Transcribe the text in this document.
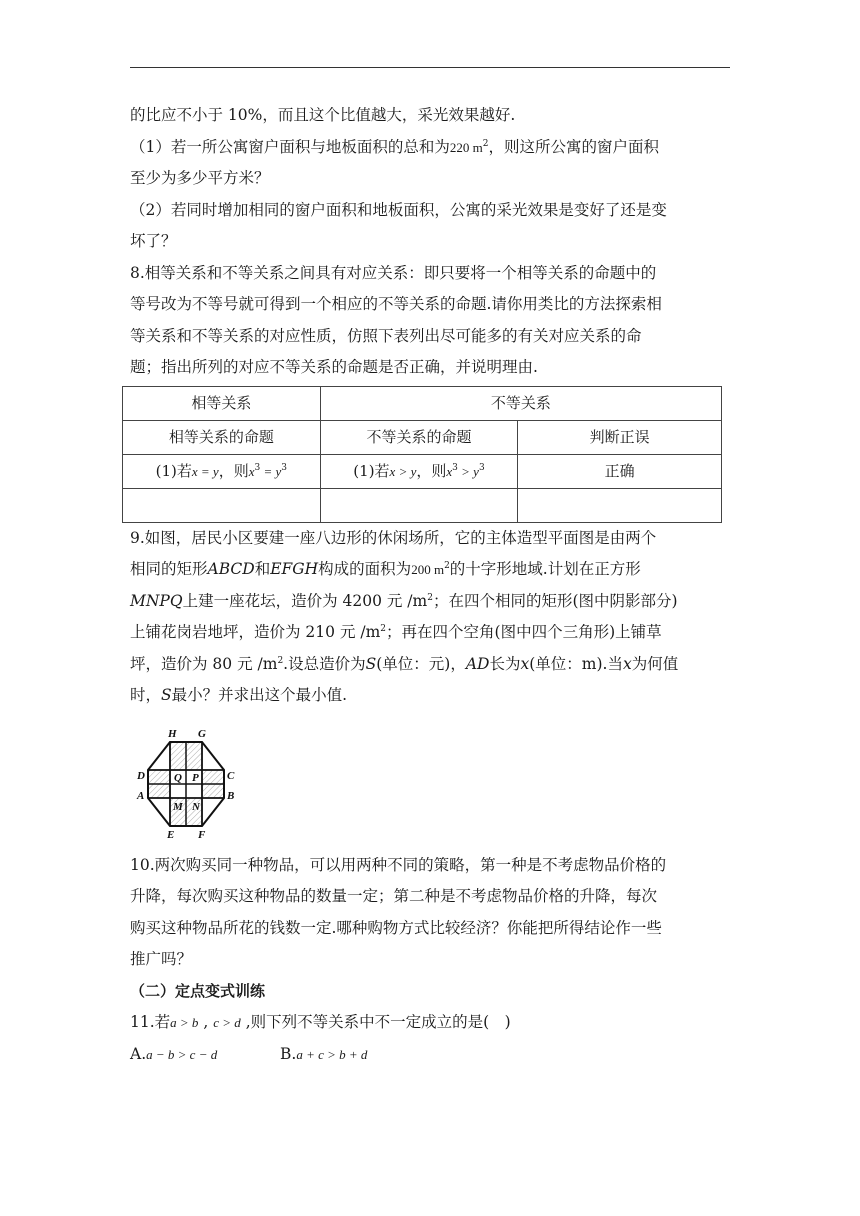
的比应不小于 10%，而且这个比值越大，采光效果越好.

（1）若一所公寓窗户面积与地板面积的总和为220 $m^2$，则这所公寓的窗户面积
至少为多少平方米？

（2）若同时增加相同的窗户面积和地板面积，公寓的采光效果是变好了还是变
坏了？

8.相等关系和不等关系之间具有对应关系：即只要将一个相等关系的命题中的
等号改为不等号就可得到一个相应的不等关系的命题.请你用类比的方法探索相
等关系和不等关系的对应性质，仿照下表列出尽可能多的有关对应关系的命
题；指出所列的对应不等关系的命题是否正确，并说明理由.

相等关系	不等关系	
相等关系的命题	不等关系的命题	判断正误
(1)若x = y，则$x^3 = y^3$	(1)若x > y，则$x^3 > y^3$	正确

9.如图，居民小区要建一座八边形的休闲场所，它的主体造型平面图是由两个
相同的矩形ABCD和EFGH构成的面积为200 $m^2$的十字形地域.计划在正方形
MNPQ上建一座花坛，造价为 4200 元 $/m^2$；在四个相同的矩形(图中阴影部分)
上铺花岗岩地坪，造价为 210 元 $/m^2$；再在四个空角(图中四个三角形)上铺草
坪，造价为 80 元 $/m^2$.设总造价为S(单位：元)，AD长为x(单位：m).当x为何值
时，S最小？并求出这个最小值.

H G
D	C
A	B
E F
Q P
M N

10.两次购买同一种物品，可以用两种不同的策略，第一种是不考虑物品价格的
升降，每次购买这种物品的数量一定；第二种是不考虑物品价格的升降，每次
购买这种物品所花的钱数一定.哪种购物方式比较经济？你能把所得结论作一些
推广吗？

（二）定点变式训练

11.若a > b , c > d ,则下列不等关系中不一定成立的是(　)

A.a − b > c − d	B.a + c > b + d
